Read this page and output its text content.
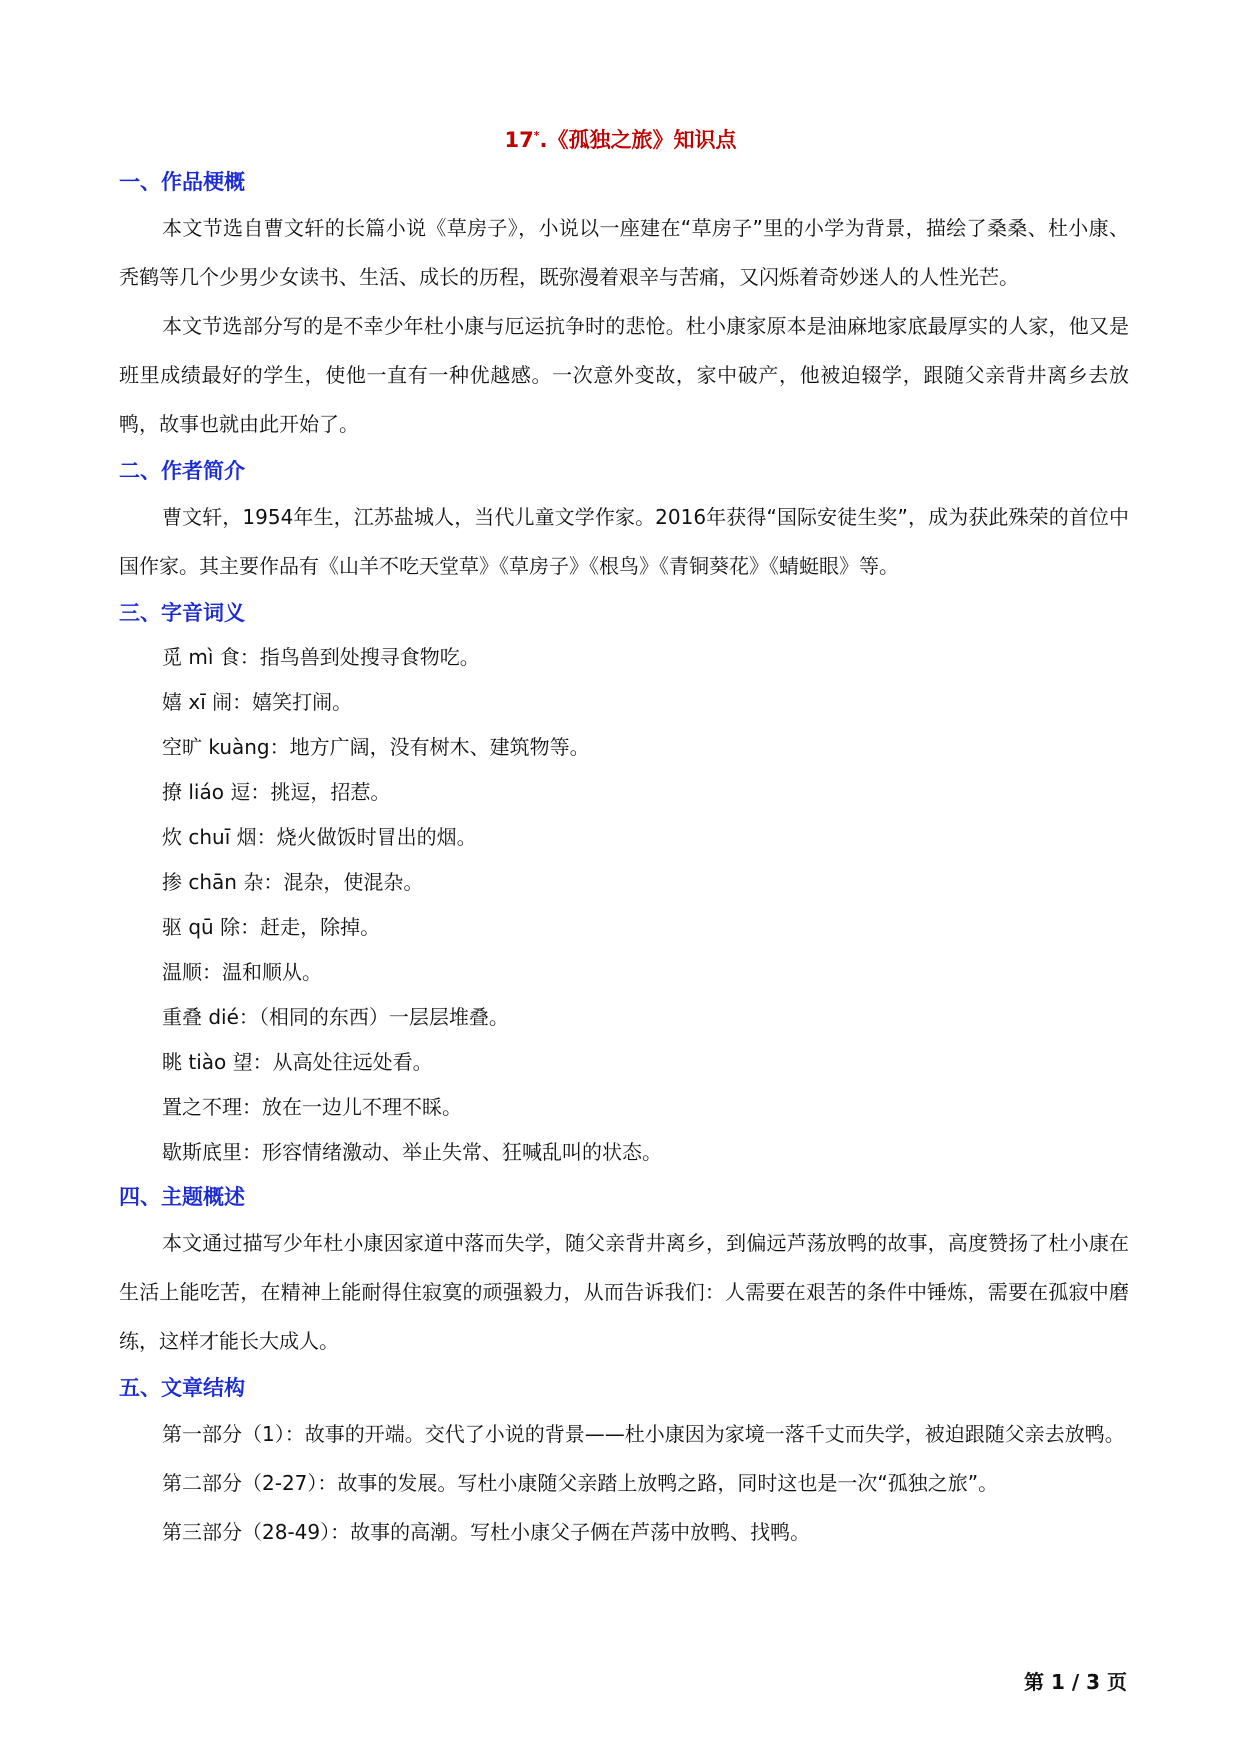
17*.《孤独之旅》知识点
一、作品梗概

本文节选自曹文轩的长篇小说《草房子》，小说以一座建在“草房子”里的小学为背景，描绘了桑桑、杜小康、秃鹤等几个少男少女读书、生活、成长的历程，既弥漫着艰辛与苦痛，又闪烁着奇妙迷人的人性光芒。

本文节选部分写的是不幸少年杜小康与厄运抗争时的悲怆。杜小康家原本是油麻地家底最厚实的人家，他又是班里成绩最好的学生，使他一直有一种优越感。一次意外变故，家中破产，他被迫辍学，跟随父亲背井离乡去放鸭，故事也就由此开始了。

二、作者简介

曹文轩，1954年生，江苏盐城人，当代儿童文学作家。2016年获得“国际安徒生奖”，成为获此殊荣的首位中国作家。其主要作品有《山羊不吃天堂草》《草房子》《根鸟》《青铜葵花》《蜻蜓眼》等。

三、字音词义

觅 mì 食：指鸟兽到处搜寻食物吃。

嬉 xī 闹：嬉笑打闹。

空旷 kuàng：地方广阔，没有树木、建筑物等。

撩 liáo 逗：挑逗，招惹。

炊 chuī 烟：烧火做饭时冒出的烟。

掺 chān 杂：混杂，使混杂。

驱 qū 除：赶走，除掉。

温顺：温和顺从。

重叠 dié：（相同的东西）一层层堆叠。

眺 tiào 望：从高处往远处看。

置之不理：放在一边儿不理不睬。

歇斯底里：形容情绪激动、举止失常、狂喊乱叫的状态。

四、主题概述

本文通过描写少年杜小康因家道中落而失学，随父亲背井离乡，到偏远芦荡放鸭的故事，高度赞扬了杜小康在生活上能吃苦，在精神上能耐得住寂寞的顽强毅力，从而告诉我们：人需要在艰苦的条件中锤炼，需要在孤寂中磨练，这样才能长大成人。

五、文章结构

第一部分（1）：故事的开端。交代了小说的背景——杜小康因为家境一落千丈而失学，被迫跟随父亲去放鸭。

第二部分（2-27）：故事的发展。写杜小康随父亲踏上放鸭之路，同时这也是一次“孤独之旅”。

第三部分（28-49）：故事的高潮。写杜小康父子俩在芦荡中放鸭、找鸭。

第 1 / 3 页
